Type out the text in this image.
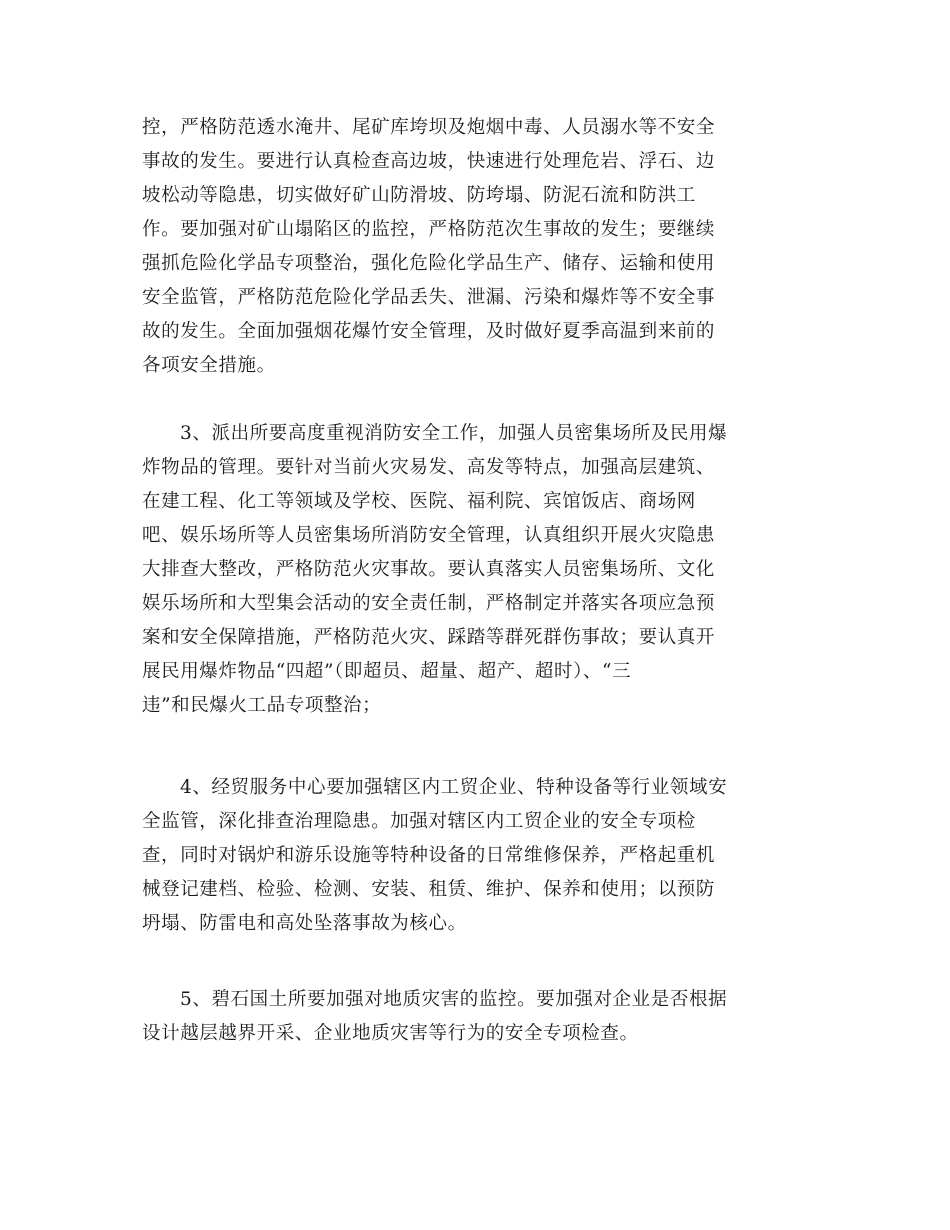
控，严格防范透水淹井、尾矿库垮坝及炮烟中毒、人员溺水等不安全
事故的发生。要进行认真检查高边坡，快速进行处理危岩、浮石、边
坡松动等隐患，切实做好矿山防滑坡、防垮塌、防泥石流和防洪工
作。要加强对矿山塌陷区的监控，严格防范次生事故的发生；要继续
强抓危险化学品专项整治，强化危险化学品生产、储存、运输和使用
安全监管，严格防范危险化学品丢失、泄漏、污染和爆炸等不安全事
故的发生。全面加强烟花爆竹安全管理，及时做好夏季高温到来前的
各项安全措施。
3、派出所要高度重视消防安全工作，加强人员密集场所及民用爆
炸物品的管理。要针对当前火灾易发、高发等特点，加强高层建筑、
在建工程、化工等领域及学校、医院、福利院、宾馆饭店、商场网
吧、娱乐场所等人员密集场所消防安全管理，认真组织开展火灾隐患
大排查大整改，严格防范火灾事故。要认真落实人员密集场所、文化
娱乐场所和大型集会活动的安全责任制，严格制定并落实各项应急预
案和安全保障措施，严格防范火灾、踩踏等群死群伤事故；要认真开
展民用爆炸物品“四超”（即超员、超量、超产、超时）、“三
违”和民爆火工品专项整治；
4、经贸服务中心要加强辖区内工贸企业、特种设备等行业领域安
全监管，深化排查治理隐患。加强对辖区内工贸企业的安全专项检
查，同时对锅炉和游乐设施等特种设备的日常维修保养，严格起重机
械登记建档、检验、检测、安装、租赁、维护、保养和使用；以预防
坍塌、防雷电和高处坠落事故为核心。
5、碧石国土所要加强对地质灾害的监控。要加强对企业是否根据
设计越层越界开采、企业地质灾害等行为的安全专项检查。
